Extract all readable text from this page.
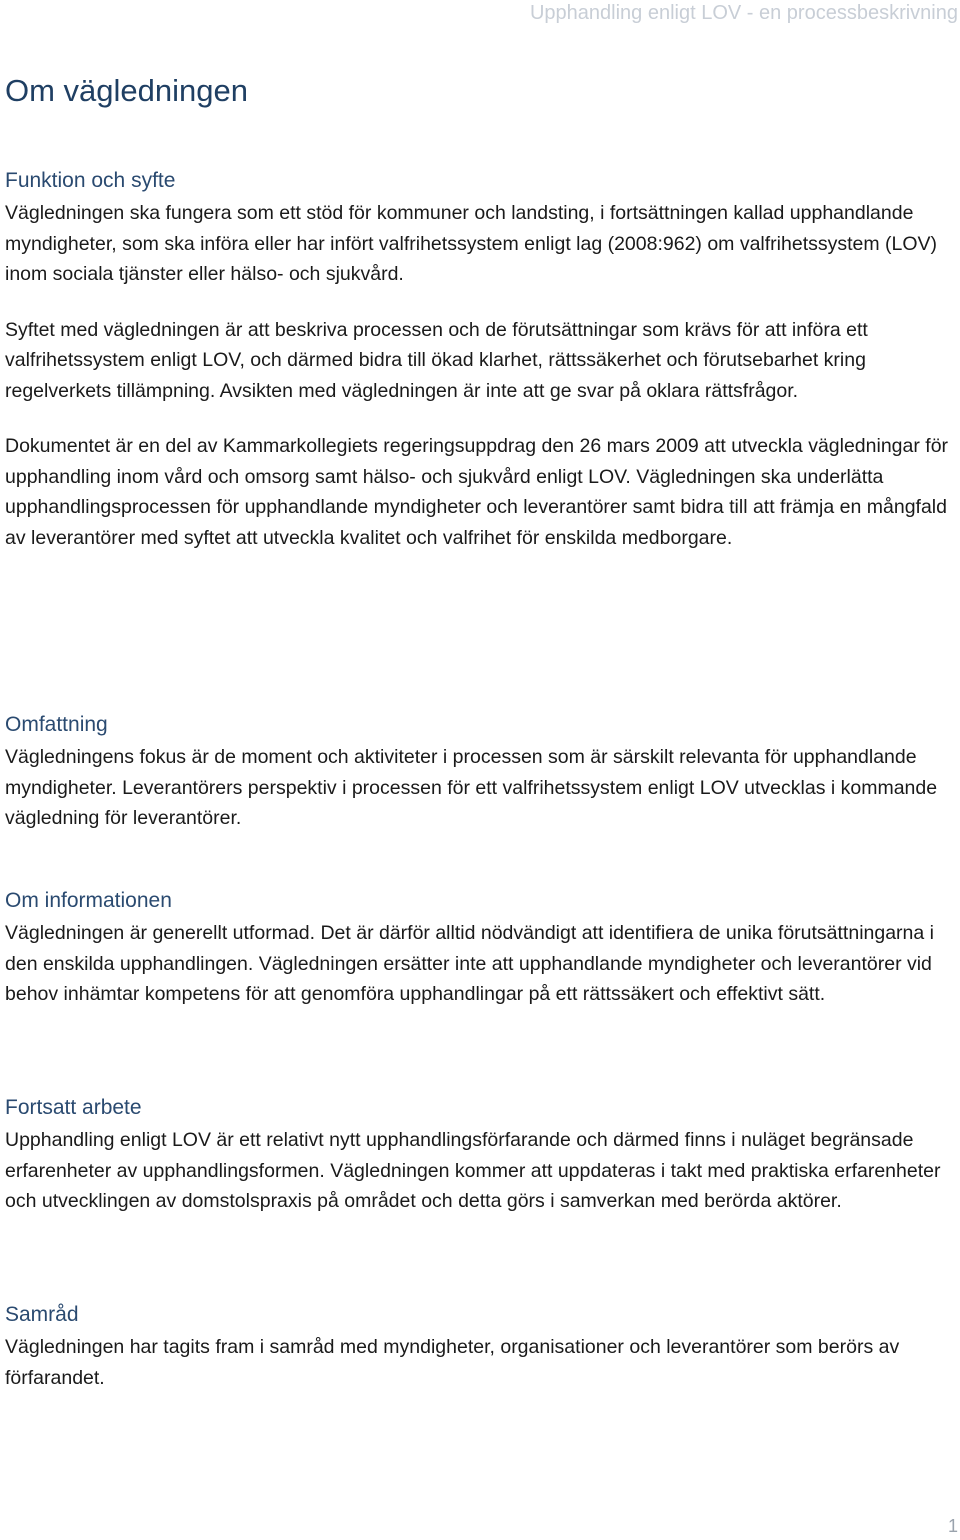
Upphandling enligt LOV - en processbeskrivning
Om vägledningen
Funktion och syfte

Vägledningen ska fungera som ett stöd för kommuner och landsting, i fortsättningen kallad upphandlande myndigheter, som ska införa eller har infört valfrihetssystem enligt lag (2008:962) om valfrihetssystem (LOV) inom sociala tjänster eller hälso- och sjukvård.

Syftet med vägledningen är att beskriva processen och de förutsättningar som krävs för att införa ett valfrihetssystem enligt LOV, och därmed bidra till ökad klarhet, rättssäkerhet och förutsebarhet kring regelverkets tillämpning. Avsikten med vägledningen är inte att ge svar på oklara rättsfrågor.

Dokumentet är en del av Kammarkollegiets regeringsuppdrag den 26 mars 2009 att utveckla vägledningar för upphandling inom vård och omsorg samt hälso- och sjukvård enligt LOV. Vägledningen ska underlätta upphandlingsprocessen för upphandlande myndigheter och leverantörer samt bidra till att främja en mångfald av leverantörer med syftet att utveckla kvalitet och valfrihet för enskilda medborgare.

Omfattning

Vägledningens fokus är de moment och aktiviteter i processen som är särskilt relevanta för upphandlande myndigheter. Leverantörers perspektiv i processen för ett valfrihetssystem enligt LOV utvecklas i kommande vägledning för leverantörer.

Om informationen

Vägledningen är generellt utformad. Det är därför alltid nödvändigt att identifiera de unika förutsättningarna i den enskilda upphandlingen. Vägledningen ersätter inte att upphandlande myndigheter och leverantörer vid behov inhämtar kompetens för att genomföra upphandlingar på ett rättssäkert och effektivt sätt.

Fortsatt arbete

Upphandling enligt LOV är ett relativt nytt upphandlingsförfarande och därmed finns i nuläget begränsade erfarenheter av upphandlingsformen. Vägledningen kommer att uppdateras i takt med praktiska erfarenheter och utvecklingen av domstolspraxis på området och detta görs i samverkan med berörda aktörer.

Samråd

Vägledningen har tagits fram i samråd med myndigheter, organisationer och leverantörer som berörs av förfarandet.

1
